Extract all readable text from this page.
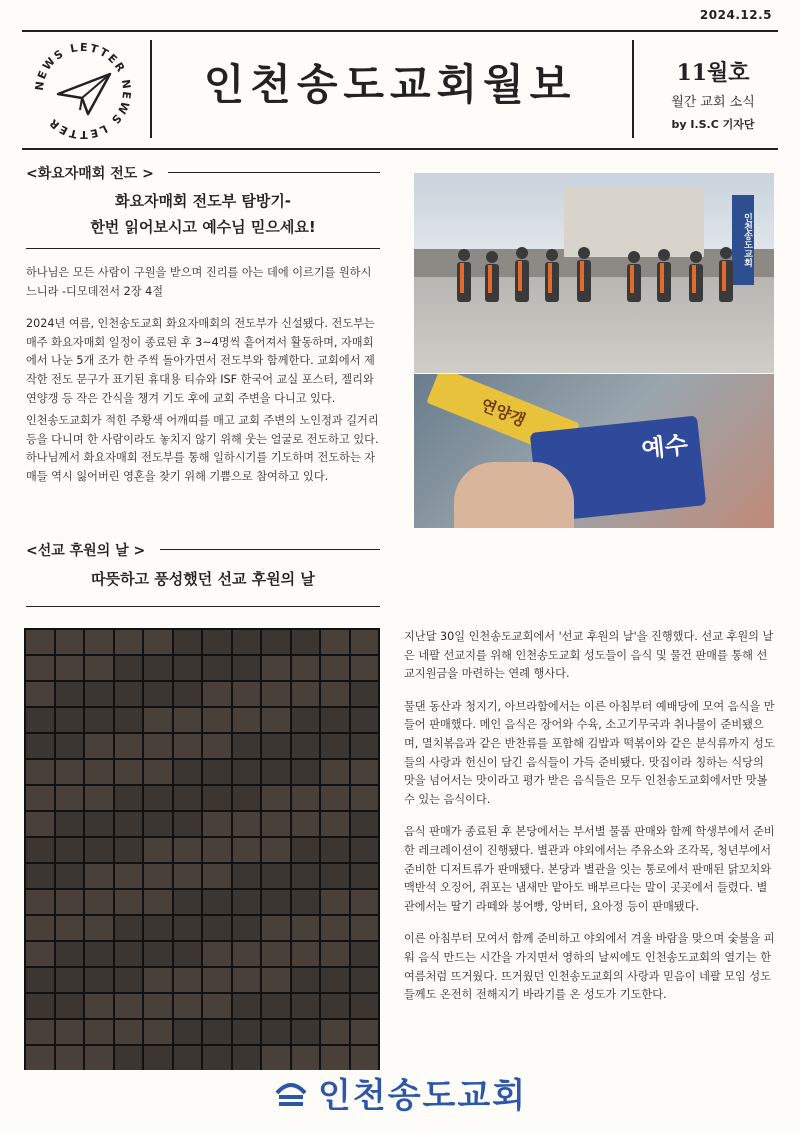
2024.12.5
NEWS LETTER NEWS LETTER
인천송도교회월보	11월호
월간 교회 소식
by I.S.C 기자단
<화요자매회 전도 >
화요자매회 전도부 탐방기-
한번 읽어보시고 예수님 믿으세요!

하나님은 모든 사람이 구원을 받으며 진리를 아는 데에 이르기를 원하시느니라 -디모데전서 2장 4절

2024년 여름, 인천송도교회 화요자매회의 전도부가 신설됐다. 전도부는 매주 화요자매회 일정이 종료된 후 3~4명씩 흩어져서 활동하며, 자매회에서 나눈 5개 조가 한 주씩 돌아가면서 전도부와 함께한다. 교회에서 제작한 전도 문구가 표기된 휴대용 티슈와 ISF 한국어 교실 포스터, 젤리와 연양갱 등 작은 간식을 챙겨 기도 후에 교회 주변을 다니고 있다.

인천송도교회가 적힌 주황색 어깨띠를 매고 교회 주변의 노인정과 길거리 등을 다니며 한 사람이라도 놓치지 않기 위해 웃는 얼굴로 전도하고 있다. 하나님께서 화요자매회 전도부를 통해 일하시기를 기도하며 전도하는 자매들 역시 잃어버린 영혼을 찾기 위해 기쁨으로 참여하고 있다.

인천송도교회
연양갱
예수
<선교 후원의 날 >
따뜻하고 풍성했던 선교 후원의 날

지난달 30일 인천송도교회에서 '선교 후원의 날'을 진행했다. 선교 후원의 날은 네팔 선교지를 위해 인천송도교회 성도들이 음식 및 물건 판매를 통해 선교지원금을 마련하는 연례 행사다.

물댄 동산과 청지기, 아브라함에서는 이른 아침부터 예배당에 모여 음식을 만들어 판매했다. 메인 음식은 장어와 수육, 소고기무국과 취나물이 준비됐으며, 멸치볶음과 같은 반찬류를 포함해 김밥과 떡볶이와 같은 분식류까지 성도들의 사랑과 헌신이 담긴 음식들이 가득 준비됐다. 맛집이라 칭하는 식당의 맛을 넘어서는 맛이라고 평가 받은 음식들은 모두 인천송도교회에서만 맛볼 수 있는 음식이다.

음식 판매가 종료된 후 본당에서는 부서별 물품 판매와 함께 학생부에서 준비한 레크레이션이 진행됐다. 별관과 야외에서는 주유소와 조각목, 청년부에서 준비한 디저트류가 판매됐다. 본당과 별관을 잇는 통로에서 판매된 닭꼬치와 맥반석 오징어, 쥐포는 냄새만 맡아도 배부르다는 말이 곳곳에서 들렸다. 별관에서는 딸기 라떼와 붕어빵, 앙버터, 요아정 등이 판매됐다.

이른 아침부터 모여서 함께 준비하고 야외에서 겨울 바람을 맞으며 숯불을 피워 음식 만드는 시간을 가지면서 영하의 날씨에도 인천송도교회의 열기는 한여름처럼 뜨거웠다. 뜨거웠던 인천송도교회의 사랑과 믿음이 네팔 모임 성도들께도 온전히 전해지기 바라기를 온 성도가 기도한다.

인천송도교회
